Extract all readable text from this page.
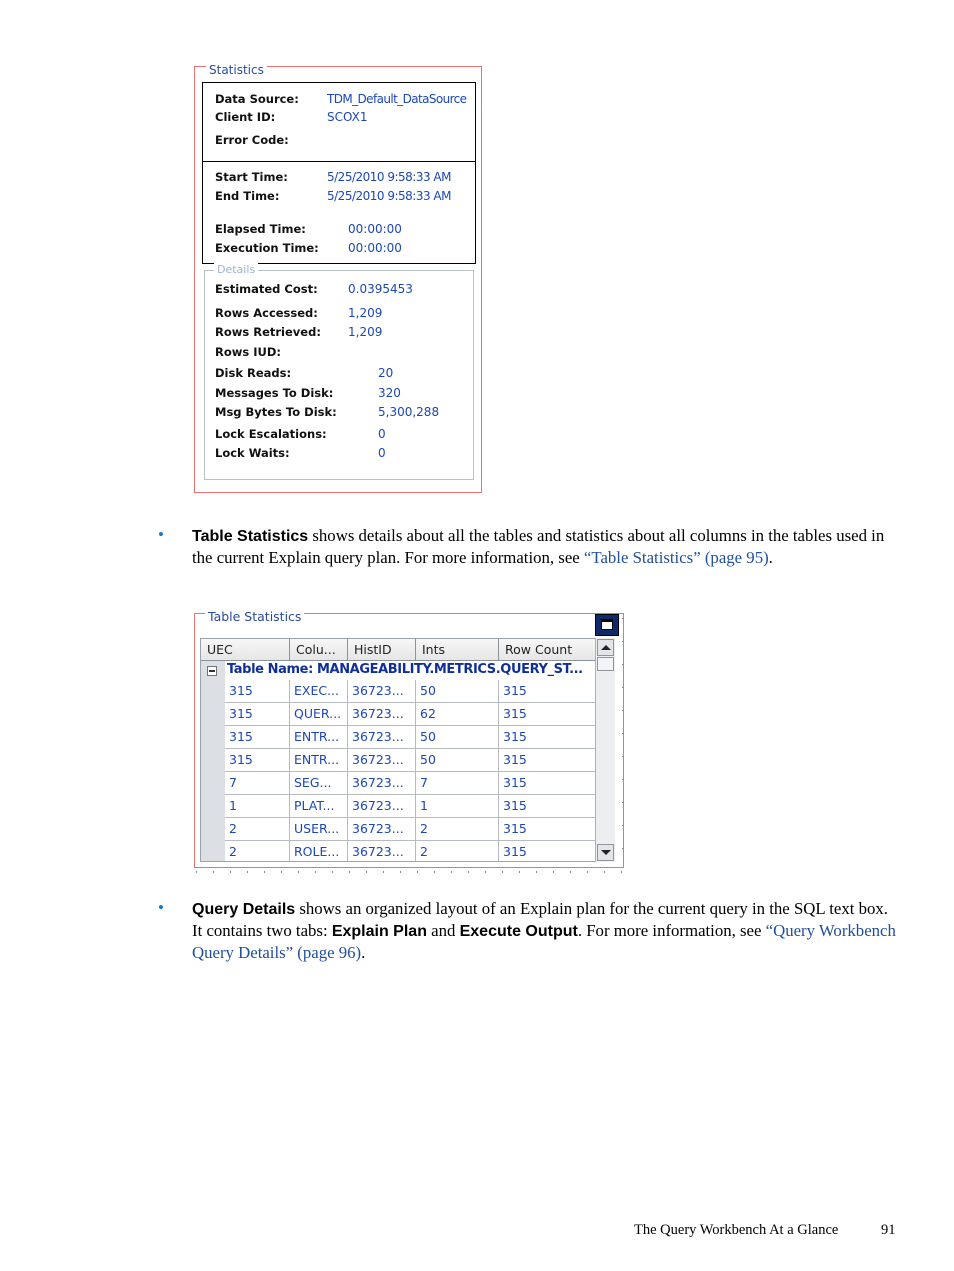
Statistics
Data Source: TDM_Default_DataSource
Client ID:	SCOX1
Error Code:
Start Time:	5/25/2010 9:58:33 AM
End Time:	5/25/2010 9:58:33 AM
Elapsed Time:	00:00:00
Execution Time: 00:00:00
Details
Estimated Cost:	0.0395453
Rows Accessed:	1,209
Rows Retrieved: 1,209
Rows IUD:
Disk Reads:	20
Messages To Disk:	320
Msg Bytes To Disk:	5,300,288
Lock Escalations:	0
Lock Waits:	0
• Table Statistics shows details about all the tables and statistics about all columns in the tables used in the current Explain query plan. For more information, see “Table Statistics” (page 95).
Table Statistics
UEC	Colu...	HistID	Ints	Row Count
Table Name: MANAGEABILITY.METRICS.QUERY_ST...
315	EXEC...	36723...	50	315
315	QUER... 36723...	62	315
315	ENTR...	36723...	50	315
315	ENTR...	36723...	50	315
7	SEG...	36723...	7	315
1	PLAT...	36723...	1	315
2	USER...	36723...	2	315
2	ROLE...	36723...	2	315
• Query Details shows an organized layout of an Explain plan for the current query in the SQL text box. It contains two tabs: Explain Plan and Execute Output. For more information, see “Query Workbench Query Details” (page 96).
The Query Workbench At a Glance	91
